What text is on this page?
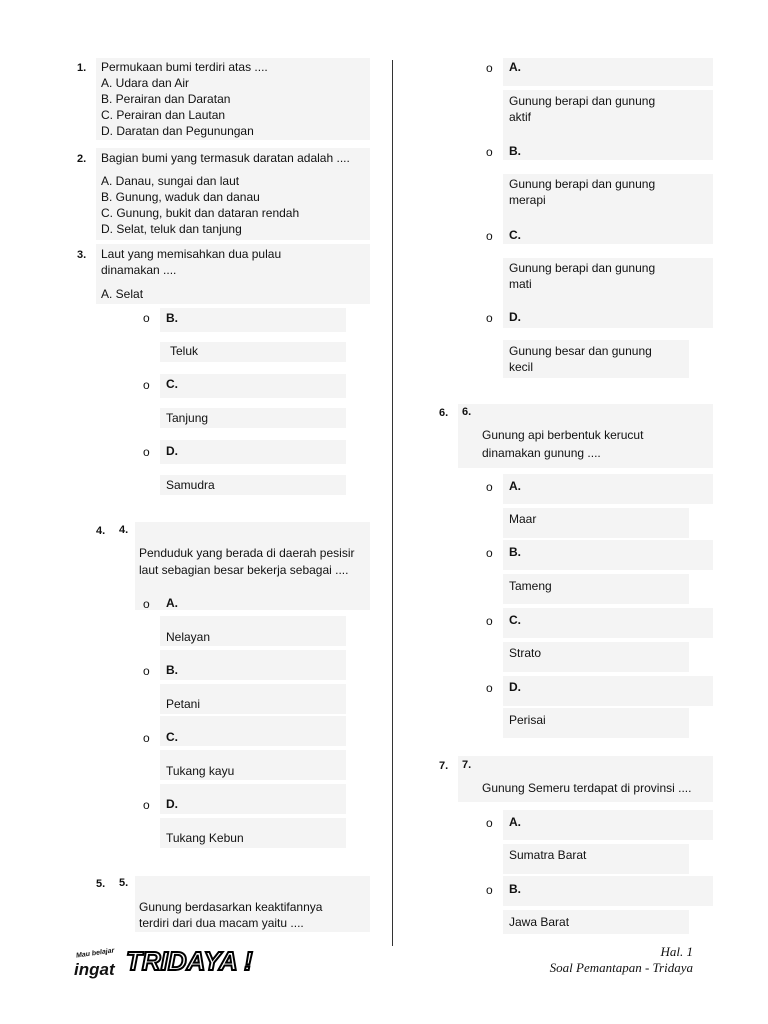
1. Permukaan bumi terdiri atas ....
A. Udara dan Air
B. Perairan dan Daratan
C. Perairan dan Lautan
D. Daratan dan Pegunungan
2. Bagian bumi yang termasuk daratan adalah ....
A. Danau, sungai dan laut
B. Gunung, waduk dan danau
C. Gunung, bukit dan dataran rendah
D. Selat, teluk dan tanjung
3. Laut yang memisahkan dua pulau
dinamakan ....
A. Selat
o B.
Teluk
o C.
Tanjung
o D.
Samudra
4. 4.
Penduduk yang berada di daerah pesisir
laut sebagian besar bekerja sebagai ....
o A.
Nelayan
o B.
Petani
o C.
Tukang kayu
o D.
Tukang Kebun
5. 5.
Gunung berdasarkan keaktifannya
terdiri dari dua macam yaitu ....
o A.
Gunung berapi dan gunung
aktif
o B.
Gunung berapi dan gunung
merapi
o C.
Gunung berapi dan gunung
mati
o D.
Gunung besar dan gunung
kecil
6. 6.
Gunung api berbentuk kerucut
dinamakan gunung ....
o A.
Maar
o B.
Tameng
o C.
Strato
o D.
Perisai
7. 7.
Gunung Semeru terdapat di provinsi ....
o A.
Sumatra Barat
o B.
Jawa Barat
Mau belajar
ingat TRIDAYA !	Hal. 1
Soal Pemantapan - Tridaya
